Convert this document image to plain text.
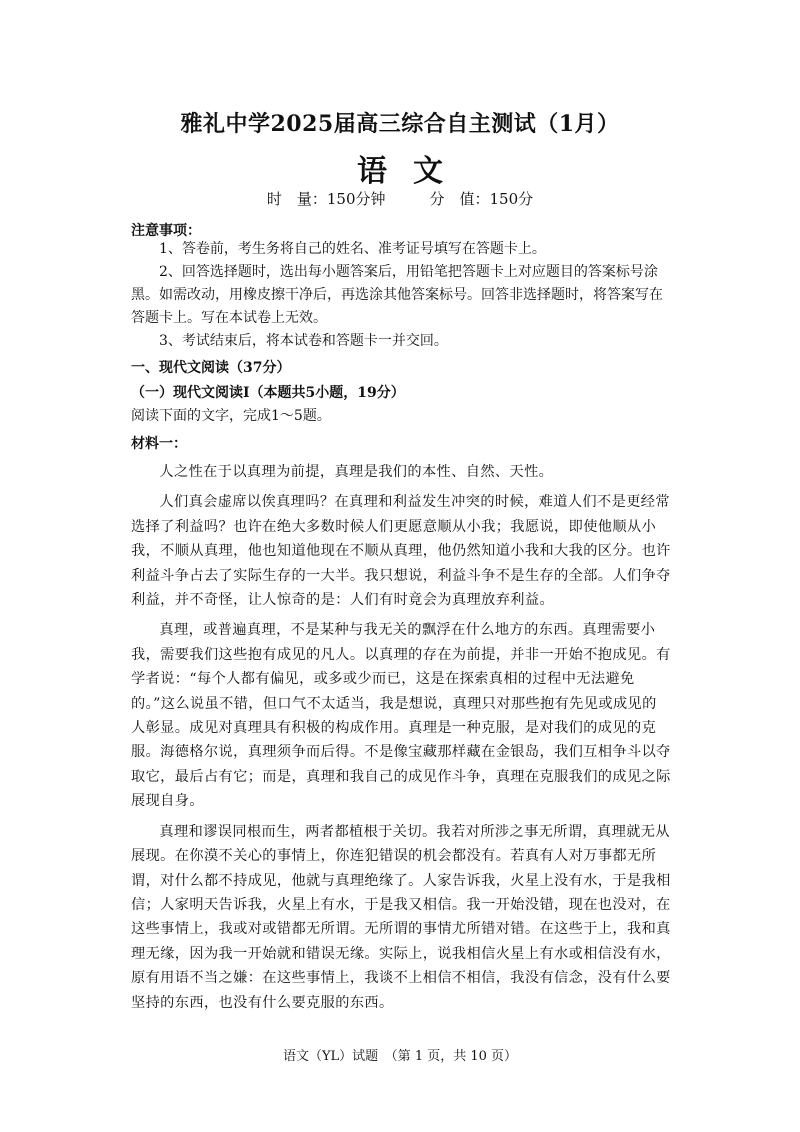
雅礼中学2025届高三综合自主测试（1月）
语文
时　量：150分钟	分　值：150分
注意事项：
1、答卷前，考生务将自己的姓名、准考证号填写在答题卡上。
2、回答选择题时，选出每小题答案后，用铅笔把答题卡上对应题目的答案标号涂黑。如需改动，用橡皮擦干净后，再选涂其他答案标号。回答非选择题时，将答案写在答题卡上。写在本试卷上无效。
3、考试结束后，将本试卷和答题卡一并交回。
一、现代文阅读（37分）
（一）现代文阅读Ⅰ（本题共5小题，19分）
阅读下面的文字，完成1～5题。
材料一：

人之性在于以真理为前提，真理是我们的本性、自然、天性。

人们真会虚席以俟真理吗？在真理和利益发生冲突的时候，难道人们不是更经常选择了利益吗？也许在绝大多数时候人们更愿意顺从小我；我愿说，即使他顺从小我，不顺从真理，他也知道他现在不顺从真理，他仍然知道小我和大我的区分。也许利益斗争占去了实际生存的一大半。我只想说，利益斗争不是生存的全部。人们争夺利益，并不奇怪，让人惊奇的是：人们有时竟会为真理放弃利益。

真理，或普遍真理，不是某种与我无关的飘浮在什么地方的东西。真理需要小我，需要我们这些抱有成见的凡人。以真理的存在为前提，并非一开始不抱成见。有学者说：“每个人都有偏见，或多或少而已，这是在探索真相的过程中无法避免的。”这么说虽不错，但口气不太适当，我是想说，真理只对那些抱有先见或成见的人彰显。成见对真理具有积极的构成作用。真理是一种克服，是对我们的成见的克服。海德格尔说，真理须争而后得。不是像宝藏那样藏在金银岛，我们互相争斗以夺取它，最后占有它；而是，真理和我自己的成见作斗争，真理在克服我们的成见之际展现自身。

真理和谬误同根而生，两者都植根于关切。我若对所涉之事无所谓，真理就无从展现。在你漠不关心的事情上，你连犯错误的机会都没有。若真有人对万事都无所谓，对什么都不持成见，他就与真理绝缘了。人家告诉我，火星上没有水，于是我相信；人家明天告诉我，火星上有水，于是我又相信。我一开始没错，现在也没对，在这些事情上，我或对或错都无所谓。无所谓的事情尤所错对错。在这些于上，我和真理无缘，因为我一开始就和错误无缘。实际上，说我相信火星上有水或相信没有水，原有用语不当之嫌：在这些事情上，我谈不上相信不相信，我没有信念，没有什么要坚持的东西，也没有什么要克服的东西。

语文（YL）试题　（第 1 页，共 10 页）
